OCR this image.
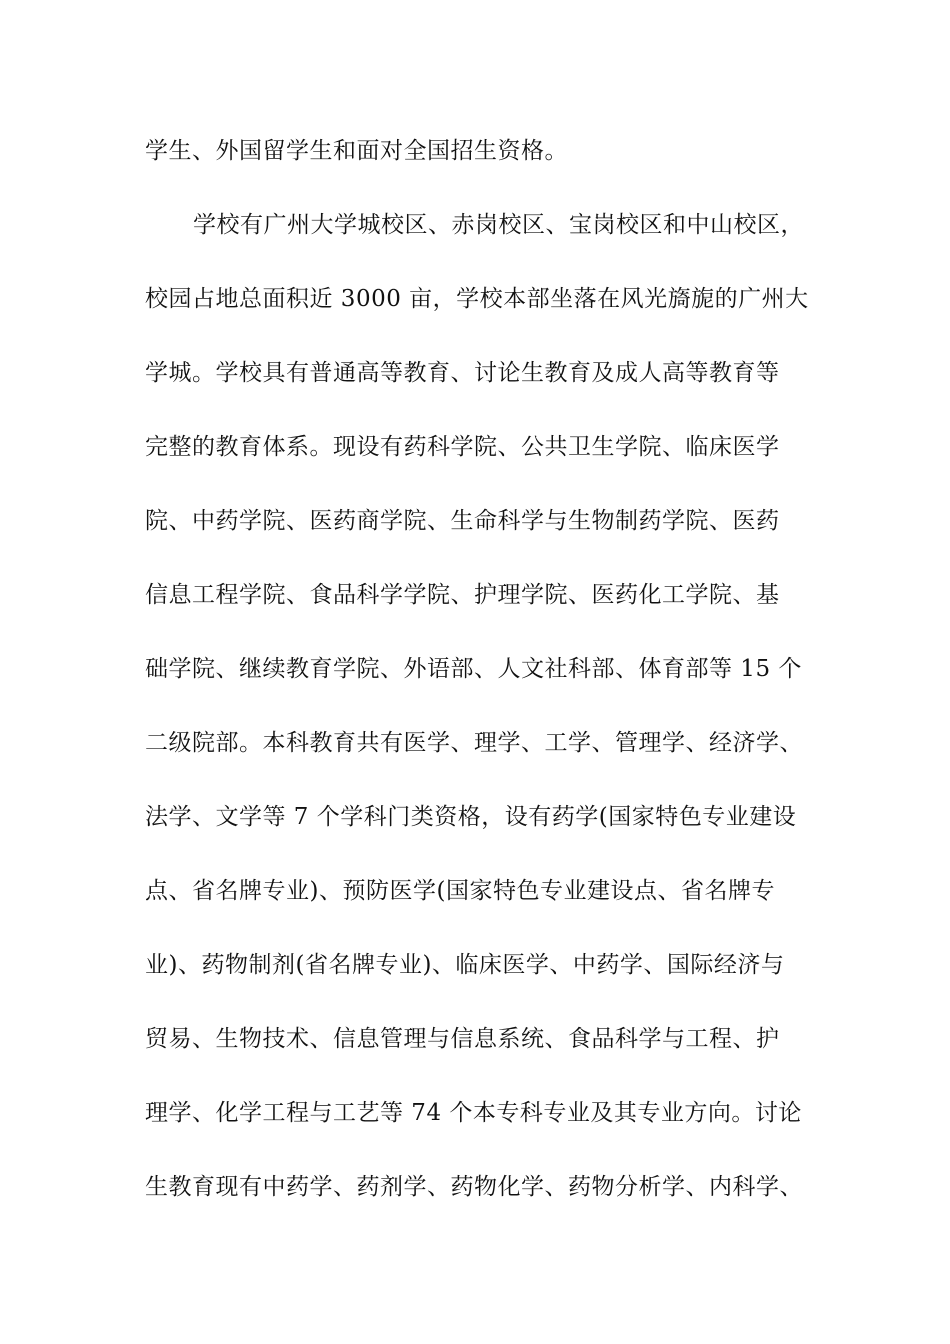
学生、外国留学生和面对全国招生资格。
学校有广州大学城校区、赤岗校区、宝岗校区和中山校区，
校园占地总面积近 3000 亩，学校本部坐落在风光旖旎的广州大
学城。学校具有普通高等教育、讨论生教育及成人高等教育等
完整的教育体系。现设有药科学院、公共卫生学院、临床医学
院、中药学院、医药商学院、生命科学与生物制药学院、医药
信息工程学院、食品科学学院、护理学院、医药化工学院、基
础学院、继续教育学院、外语部、人文社科部、体育部等 15 个
二级院部。本科教育共有医学、理学、工学、管理学、经济学、
法学、文学等 7 个学科门类资格，设有药学(国家特色专业建设
点、省名牌专业)、预防医学(国家特色专业建设点、省名牌专
业)、药物制剂(省名牌专业)、临床医学、中药学、国际经济与
贸易、生物技术、信息管理与信息系统、食品科学与工程、护
理学、化学工程与工艺等 74 个本专科专业及其专业方向。讨论
生教育现有中药学、药剂学、药物化学、药物分析学、内科学、
